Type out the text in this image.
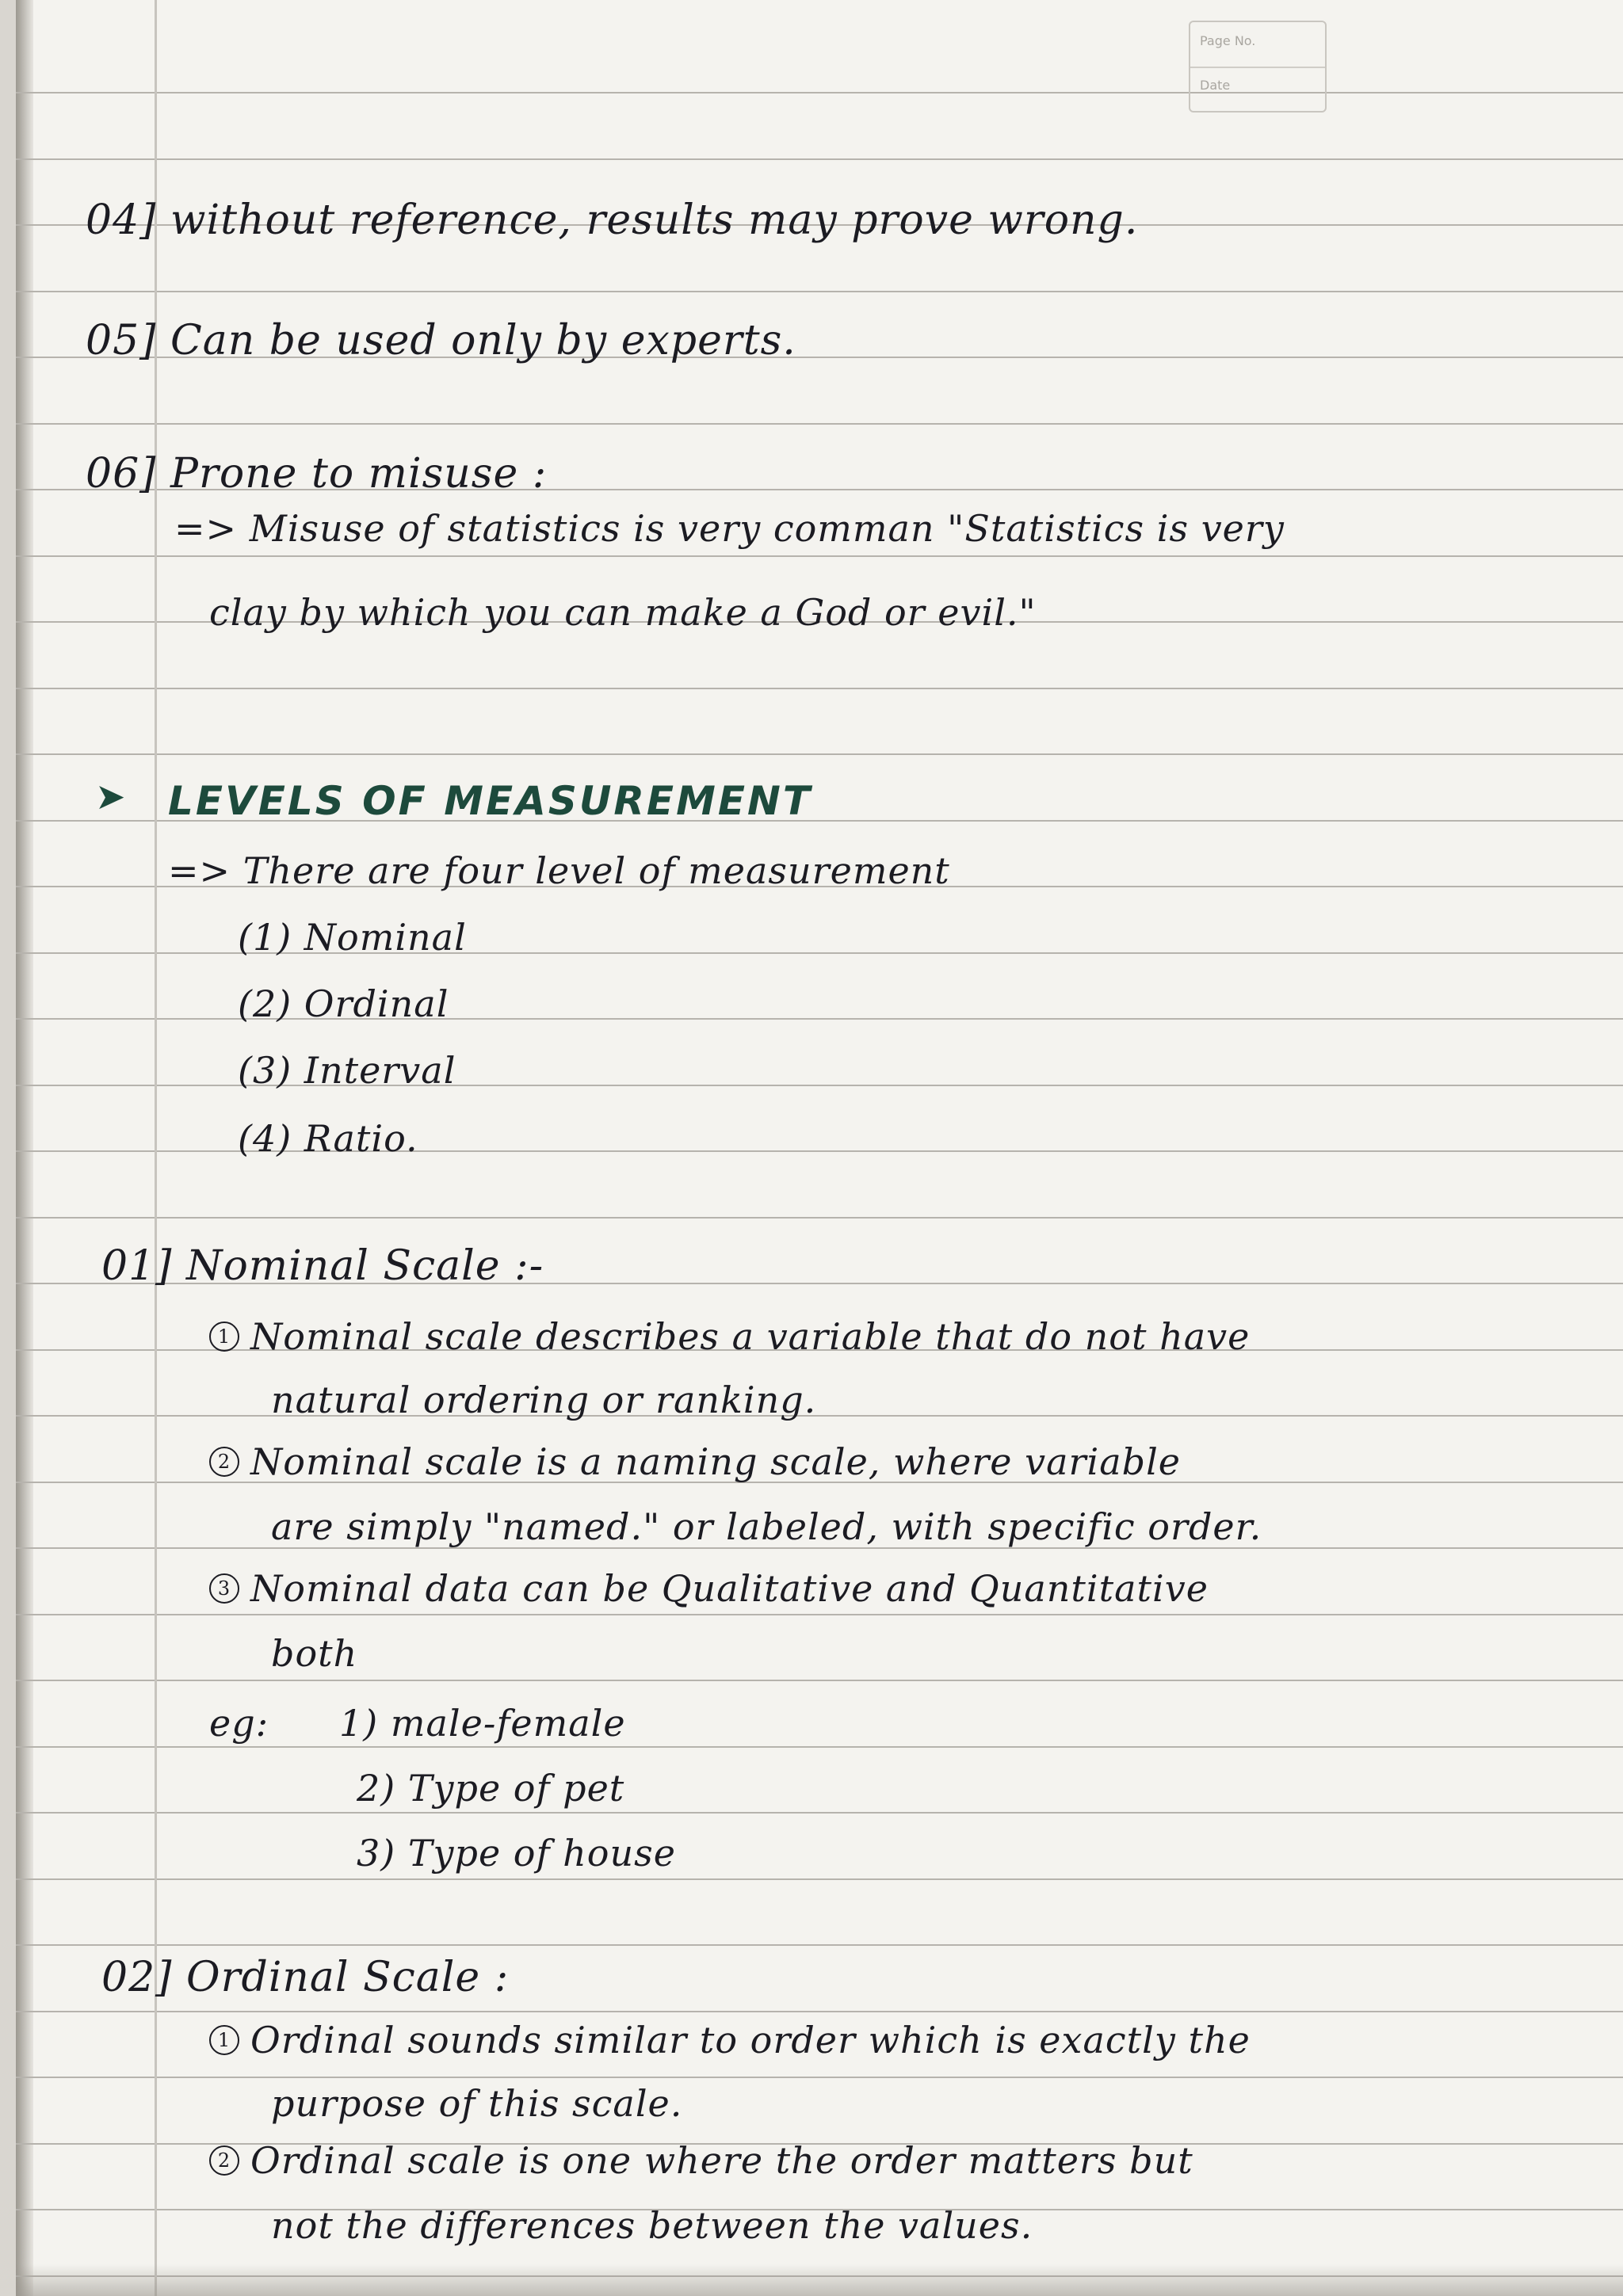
Page No.
Date
04] without reference, results may prove wrong.
05] Can be used only by experts.
06] Prone to misuse :
=> Misuse of statistics is very comman "Statistics is very
clay by which you can make a God or evil."
➤ LEVELS OF MEASUREMENT
=> There are four level of measurement
(1) Nominal
(2) Ordinal
(3) Interval
(4) Ratio.
01] Nominal Scale :-
1 Nominal scale describes a variable that do not have
natural ordering or ranking.
2 Nominal scale is a naming scale, where variable
are simply "named." or labeled, with specific order.
3 Nominal data can be Qualitative and Quantitative
both
eg: 1) male-female
2) Type of pet
3) Type of house
02] Ordinal Scale :
1 Ordinal sounds similar to order which is exactly the
purpose of this scale.
2 Ordinal scale is one where the order matters but
not the differences between the values.
